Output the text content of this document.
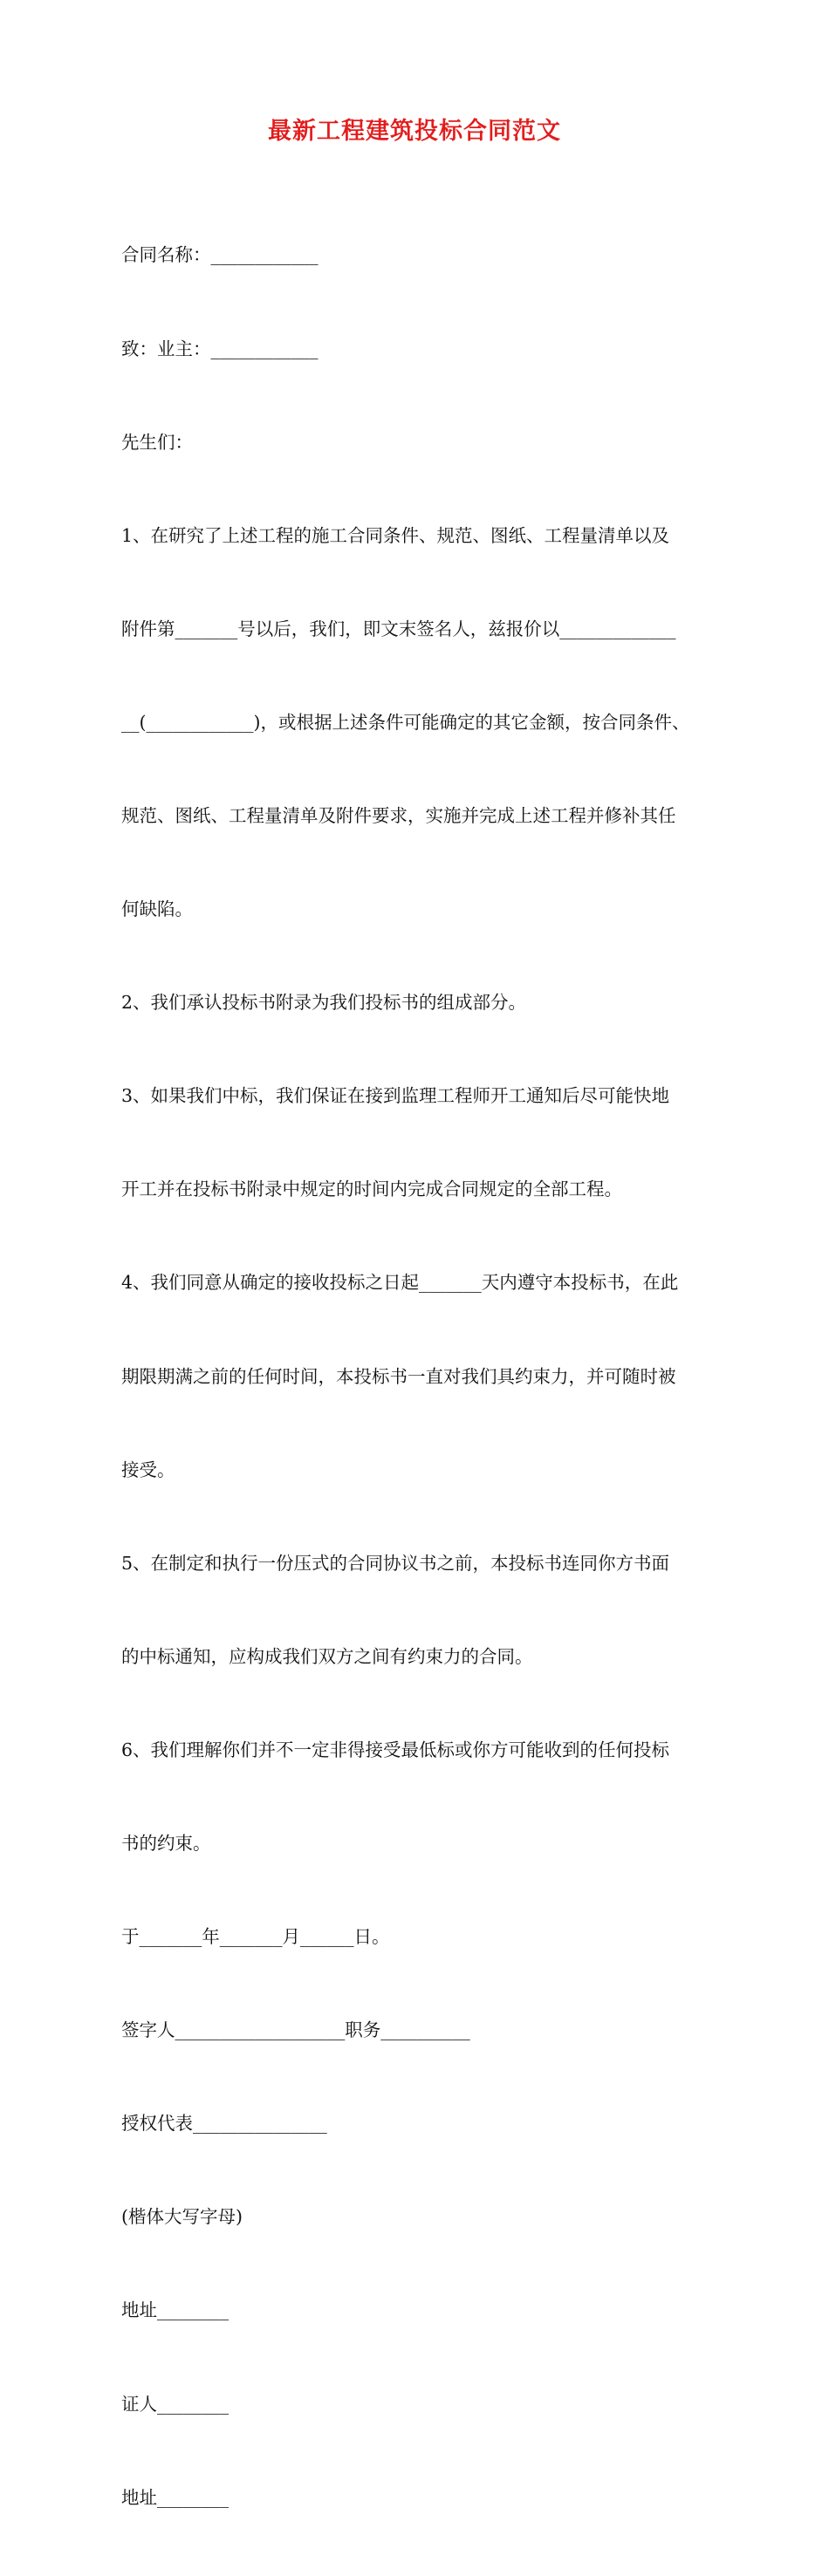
最新工程建筑投标合同范文

合同名称：____________

致：业主：____________

先生们：

1、在研究了上述工程的施工合同条件、规范、图纸、工程量清单以及

附件第_______号以后，我们，即文末签名人，兹报价以_____________

__(____________)，或根据上述条件可能确定的其它金额，按合同条件、

规范、图纸、工程量清单及附件要求，实施并完成上述工程并修补其任

何缺陷。

2、我们承认投标书附录为我们投标书的组成部分。

3、如果我们中标，我们保证在接到监理工程师开工通知后尽可能快地

开工并在投标书附录中规定的时间内完成合同规定的全部工程。

4、我们同意从确定的接收投标之日起_______天内遵守本投标书，在此

期限期满之前的任何时间，本投标书一直对我们具约束力，并可随时被

接受。

5、在制定和执行一份压式的合同协议书之前，本投标书连同你方书面

的中标通知，应构成我们双方之间有约束力的合同。

6、我们理解你们并不一定非得接受最低标或你方可能收到的任何投标

书的约束。

于_______年_______月______日。

签字人___________________职务__________

授权代表_______________

(楷体大写字母)

地址________

证人________

地址________
